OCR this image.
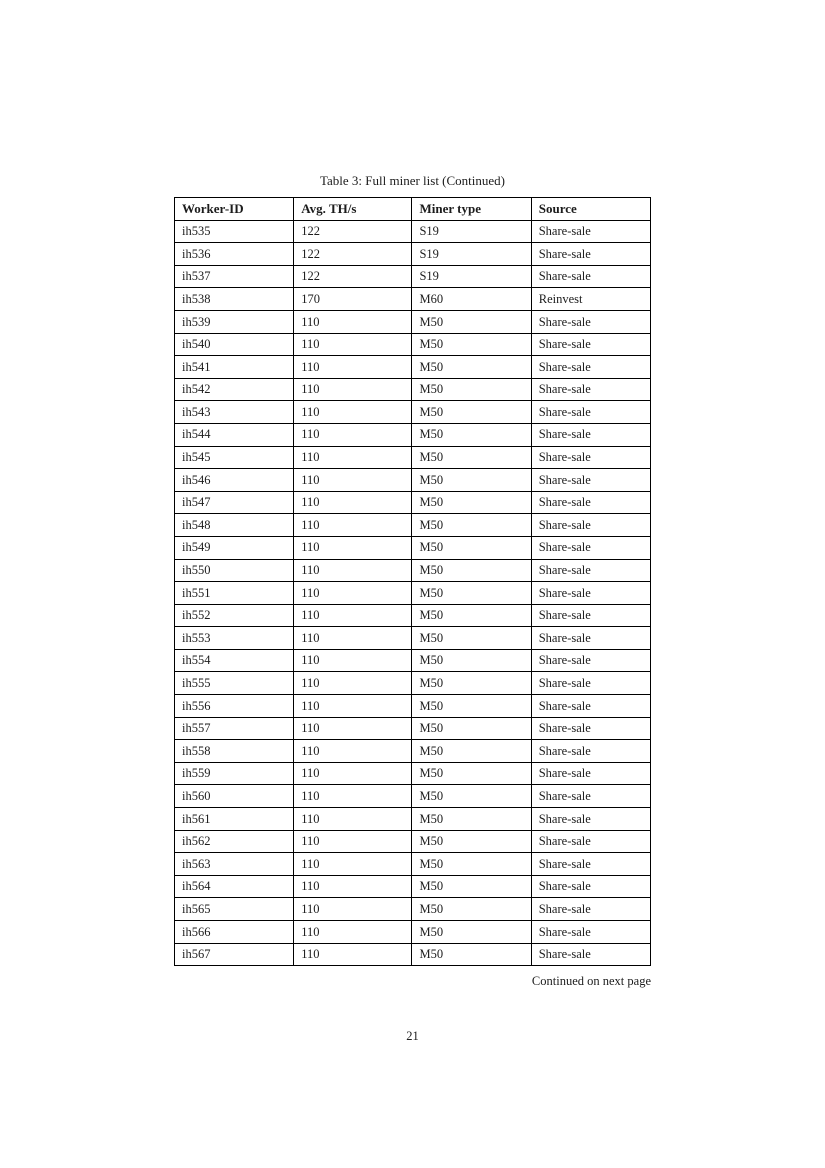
Table 3: Full miner list (Continued)
Worker-ID	Avg. TH/s	Miner type	Source
ih535	122	S19	Share-sale
ih536	122	S19	Share-sale
ih537	122	S19	Share-sale
ih538	170	M60	Reinvest
ih539	110	M50	Share-sale
ih540	110	M50	Share-sale
ih541	110	M50	Share-sale
ih542	110	M50	Share-sale
ih543	110	M50	Share-sale
ih544	110	M50	Share-sale
ih545	110	M50	Share-sale
ih546	110	M50	Share-sale
ih547	110	M50	Share-sale
ih548	110	M50	Share-sale
ih549	110	M50	Share-sale
ih550	110	M50	Share-sale
ih551	110	M50	Share-sale
ih552	110	M50	Share-sale
ih553	110	M50	Share-sale
ih554	110	M50	Share-sale
ih555	110	M50	Share-sale
ih556	110	M50	Share-sale
ih557	110	M50	Share-sale
ih558	110	M50	Share-sale
ih559	110	M50	Share-sale
ih560	110	M50	Share-sale
ih561	110	M50	Share-sale
ih562	110	M50	Share-sale
ih563	110	M50	Share-sale
ih564	110	M50	Share-sale
ih565	110	M50	Share-sale
ih566	110	M50	Share-sale
ih567	110	M50	Share-sale
Continued on next page
21
